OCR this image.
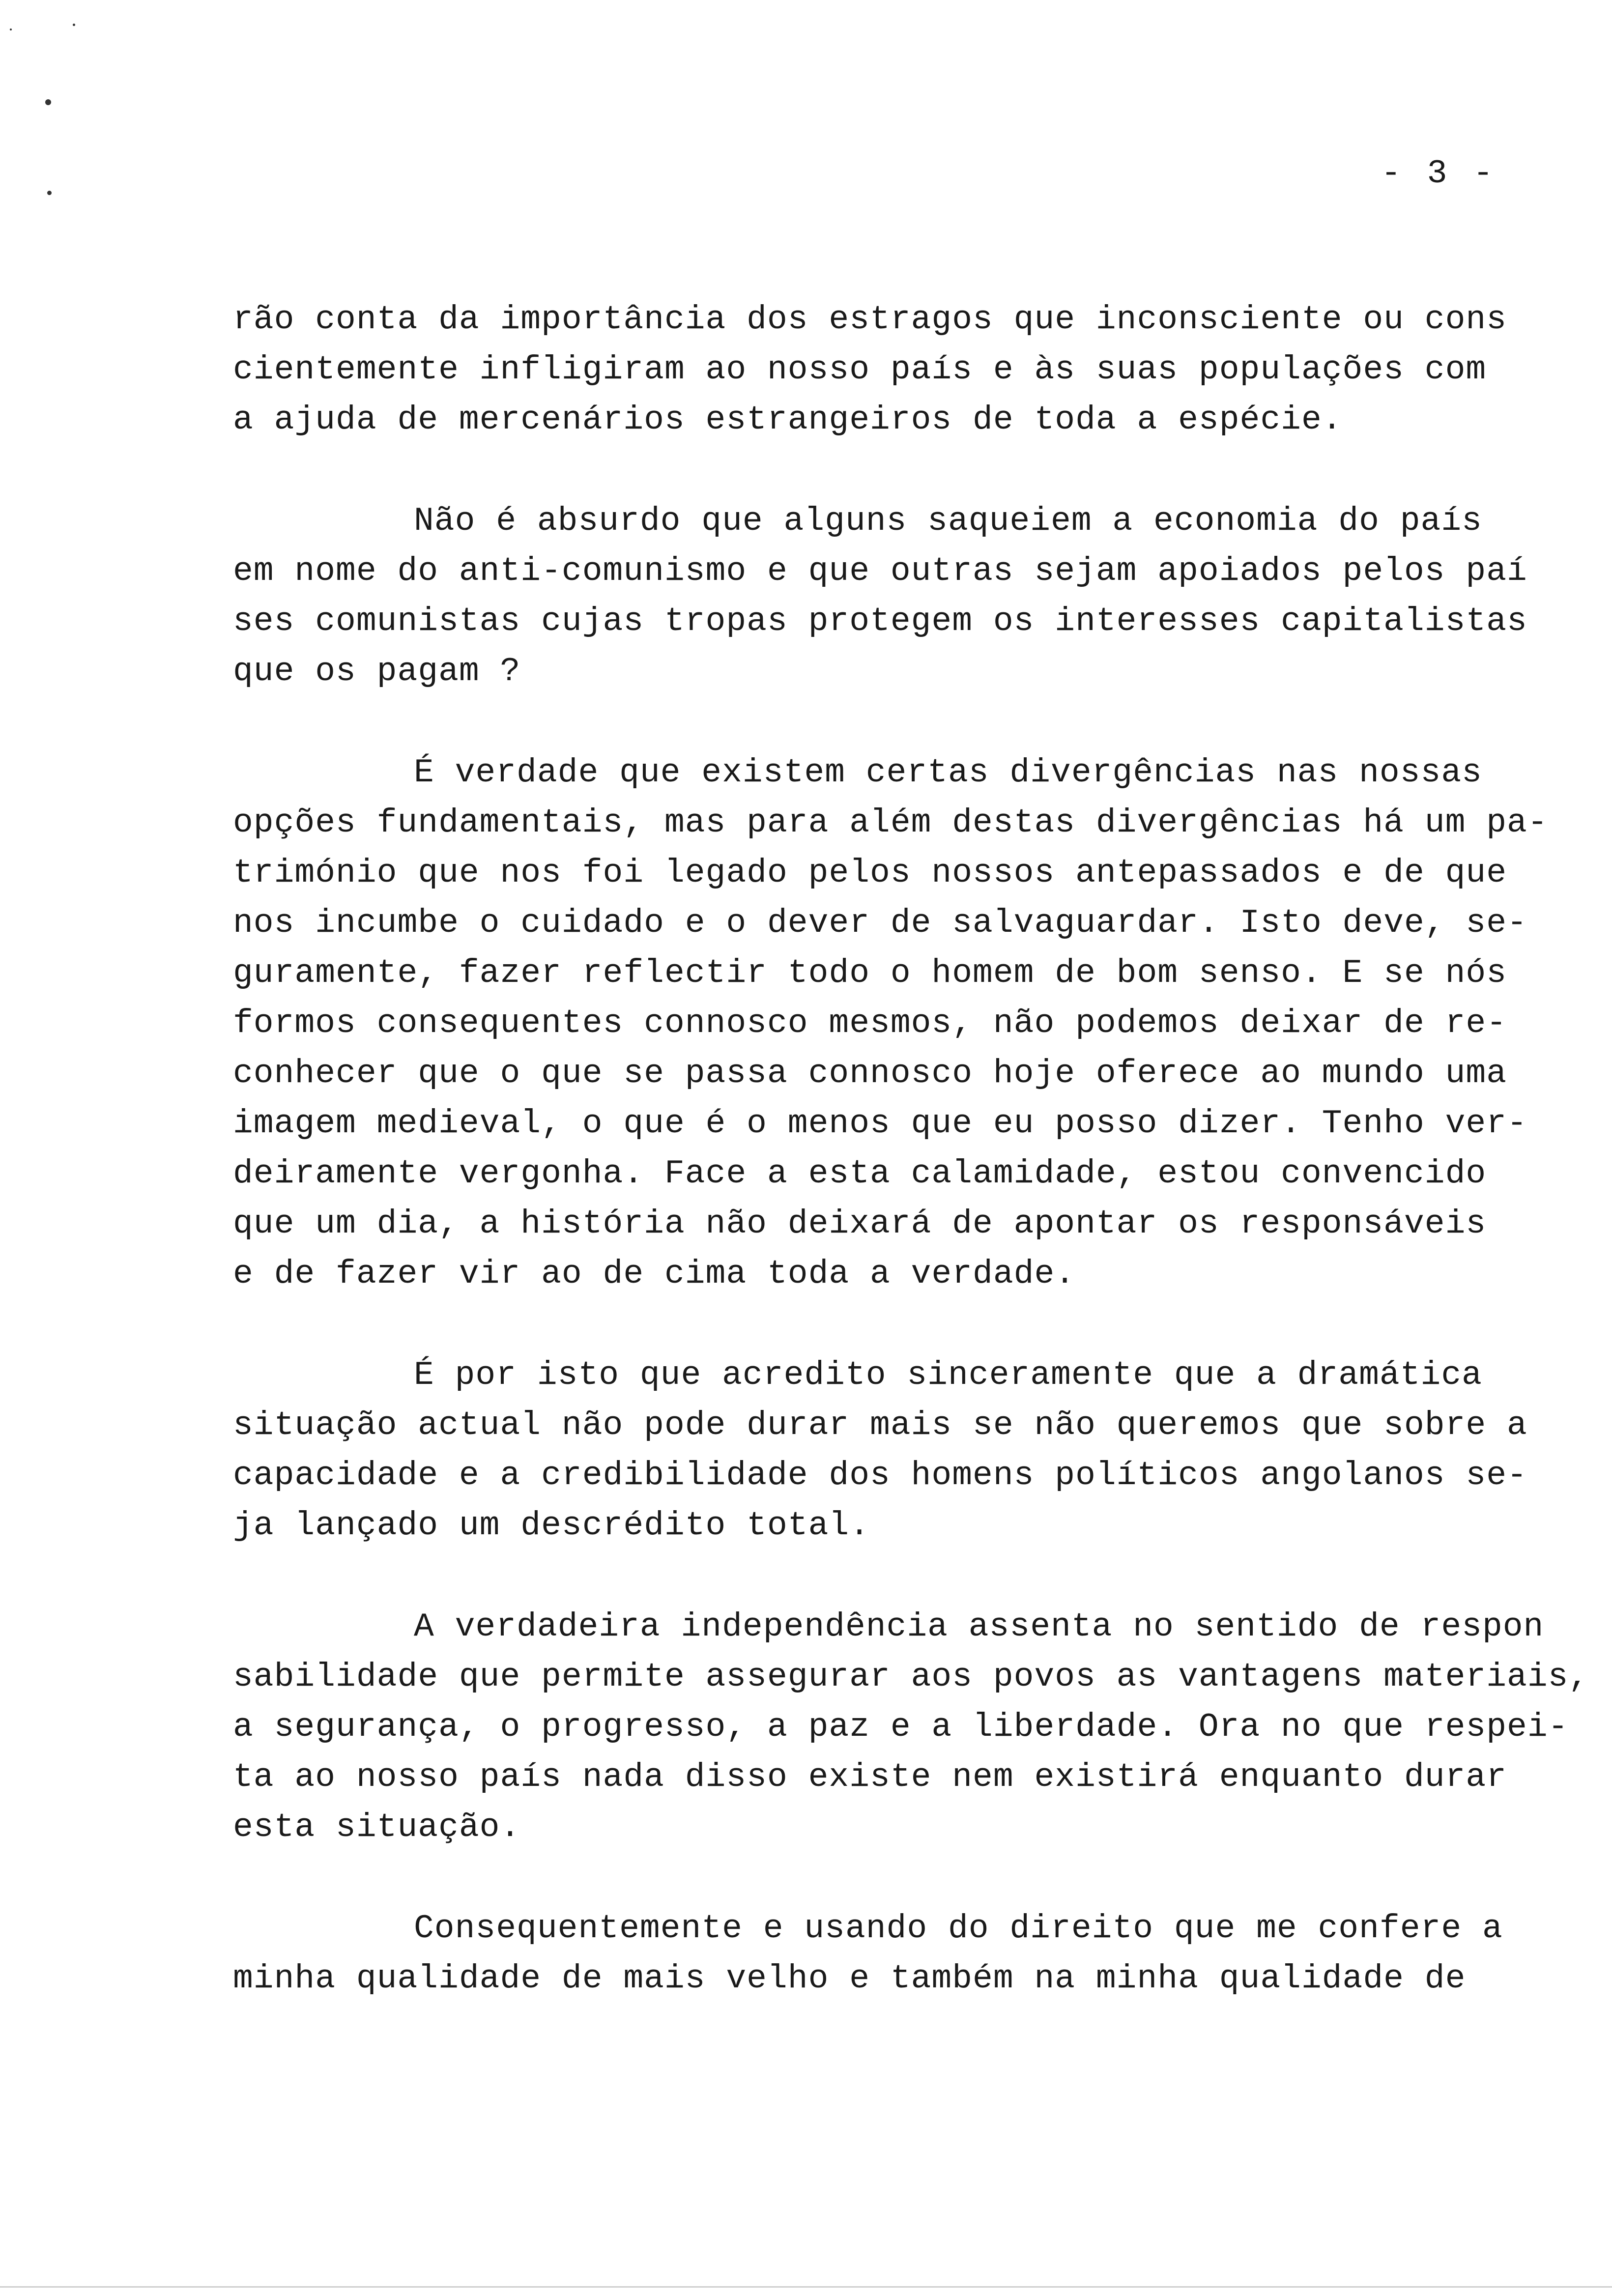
- 3 -
rão conta da importância dos estragos que inconsciente ou cons
cientemente infligiram ao nosso país e às suas populações com
a ajuda de mercenários estrangeiros de toda a espécie.
Não é absurdo que alguns saqueiem a economia do país
em nome do anti-comunismo e que outras sejam apoiados pelos paí
ses comunistas cujas tropas protegem os interesses capitalistas
que os pagam ?
É verdade que existem certas divergências nas nossas
opções fundamentais, mas para além destas divergências há um pa-
trimónio que nos foi legado pelos nossos antepassados e de que
nos incumbe o cuidado e o dever de salvaguardar. Isto deve, se-
guramente, fazer reflectir todo o homem de bom senso. E se nós
formos consequentes connosco mesmos, não podemos deixar de re-
conhecer que o que se passa connosco hoje oferece ao mundo uma
imagem medieval, o que é o menos que eu posso dizer. Tenho ver-
deiramente vergonha. Face a esta calamidade, estou convencido
que um dia, a história não deixará de apontar os responsáveis
e de fazer vir ao de cima toda a verdade.
É por isto que acredito sinceramente que a dramática
situação actual não pode durar mais se não queremos que sobre a
capacidade e a credibilidade dos homens políticos angolanos se-
ja lançado um descrédito total.
A verdadeira independência assenta no sentido de respon
sabilidade que permite assegurar aos povos as vantagens materiais,
a segurança, o progresso, a paz e a liberdade. Ora no que respei-
ta ao nosso país nada disso existe nem existirá enquanto durar
esta situação.
Consequentemente e usando do direito que me confere a
minha qualidade de mais velho e também na minha qualidade de
